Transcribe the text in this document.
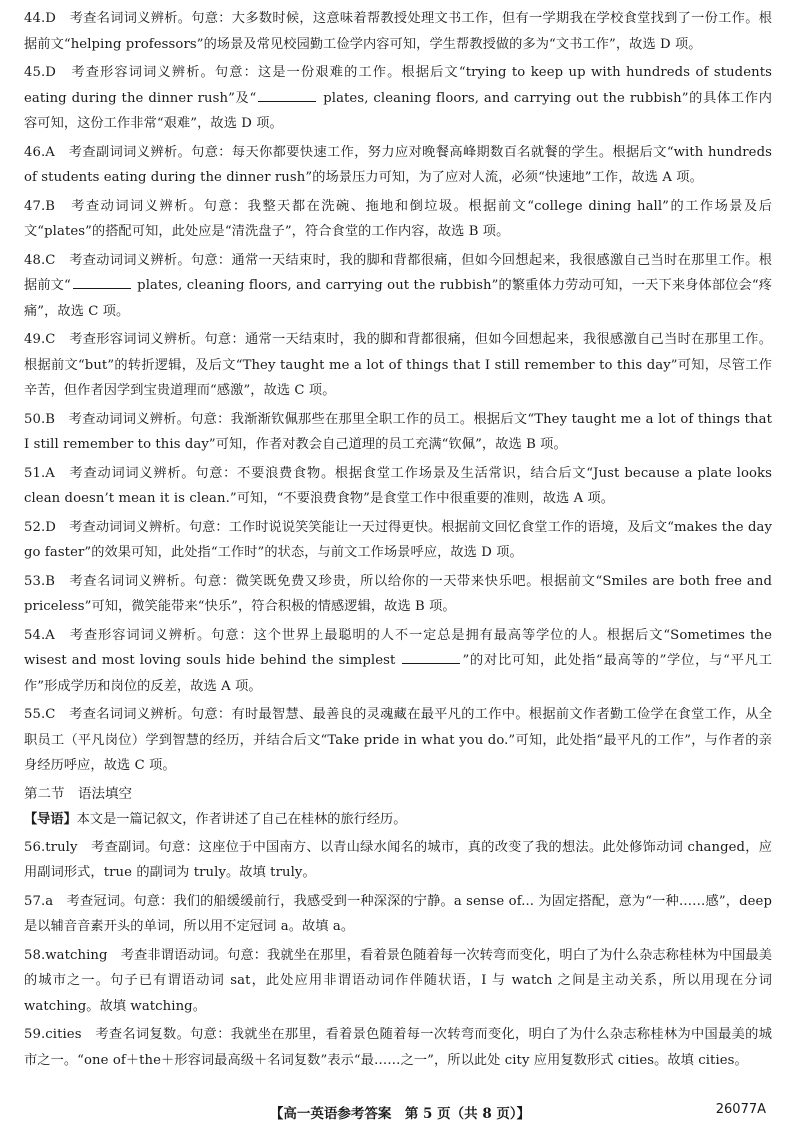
44.D　考查名词词义辨析。句意：大多数时候，这意味着帮教授处理文书工作，但有一学期我在学校食堂找到了一份工作。根据前文“helping professors”的场景及常见校园勤工俭学内容可知，学生帮教授做的多为“文书工作”，故选 D 项。

45.D　考查形容词词义辨析。句意：这是一份艰难的工作。根据后文“trying to keep up with hundreds of students eating during the dinner rush”及“	plates, cleaning floors, and carrying out the rubbish”的具体工作内容可知，这份工作非常“艰难”，故选 D 项。

46.A　考查副词词义辨析。句意：每天你都要快速工作，努力应对晚餐高峰期数百名就餐的学生。根据后文“with hundreds of students eating during the dinner rush”的场景压力可知，为了应对人流，必须“快速地”工作，故选 A 项。

47.B　考查动词词义辨析。句意：我整天都在洗碗、拖地和倒垃圾。根据前文“college dining hall”的工作场景及后文“plates”的搭配可知，此处应是“清洗盘子”，符合食堂的工作内容，故选 B 项。

48.C　考查动词词义辨析。句意：通常一天结束时，我的脚和背都很痛，但如今回想起来，我很感激自己当时在那里工作。根据前文“	plates, cleaning floors, and carrying out the rubbish”的繁重体力劳动可知，一天下来身体部位会“疼痛”，故选 C 项。

49.C　考查形容词词义辨析。句意：通常一天结束时，我的脚和背都很痛，但如今回想起来，我很感激自己当时在那里工作。根据前文“but”的转折逻辑，及后文“They taught me a lot of things that I still remember to this day”可知，尽管工作辛苦，但作者因学到宝贵道理而“感激”，故选 C 项。

50.B　考查动词词义辨析。句意：我渐渐钦佩那些在那里全职工作的员工。根据后文“They taught me a lot of things that I still remember to this day”可知，作者对教会自己道理的员工充满“钦佩”，故选 B 项。

51.A　考查动词词义辨析。句意：不要浪费食物。根据食堂工作场景及生活常识，结合后文“Just because a plate looks clean doesn’t mean it is clean.”可知，“不要浪费食物”是食堂工作中很重要的准则，故选 A 项。

52.D　考查动词词义辨析。句意：工作时说说笑笑能让一天过得更快。根据前文回忆食堂工作的语境，及后文“makes the day go faster”的效果可知，此处指“工作时”的状态，与前文工作场景呼应，故选 D 项。

53.B　考查名词词义辨析。句意：微笑既免费又珍贵，所以给你的一天带来快乐吧。根据前文“Smiles are both free and priceless”可知，微笑能带来“快乐”，符合积极的情感逻辑，故选 B 项。

54.A　考查形容词词义辨析。句意：这个世界上最聪明的人不一定总是拥有最高等学位的人。根据后文“Sometimes the wisest and most loving souls hide behind the simplest	”的对比可知，此处指“最高等的”学位，与“平凡工作”形成学历和岗位的反差，故选 A 项。

55.C　考查名词词义辨析。句意：有时最智慧、最善良的灵魂藏在最平凡的工作中。根据前文作者勤工俭学在食堂工作，从全职员工（平凡岗位）学到智慧的经历，并结合后文“Take pride in what you do.”可知，此处指“最平凡的工作”，与作者的亲身经历呼应，故选 C 项。

第二节　语法填空

【导语】本文是一篇记叙文，作者讲述了自己在桂林的旅行经历。

56.truly　考查副词。句意：这座位于中国南方、以青山绿水闻名的城市，真的改变了我的想法。此处修饰动词 changed，应用副词形式，true 的副词为 truly。故填 truly。

57.a　考查冠词。句意：我们的船缓缓前行，我感受到一种深深的宁静。a sense of... 为固定搭配，意为“一种……感”，deep 是以辅音音素开头的单词，所以用不定冠词 a。故填 a。

58.watching　考查非谓语动词。句意：我就坐在那里，看着景色随着每一次转弯而变化，明白了为什么杂志称桂林为中国最美的城市之一。句子已有谓语动词 sat，此处应用非谓语动词作伴随状语，I 与 watch 之间是主动关系，所以用现在分词 watching。故填 watching。

59.cities　考查名词复数。句意：我就坐在那里，看着景色随着每一次转弯而变化，明白了为什么杂志称桂林为中国最美的城市之一。“one of＋the＋形容词最高级＋名词复数”表示“最……之一”，所以此处 city 应用复数形式 cities。故填 cities。

【高一英语参考答案　第 5 页（共 8 页）】	26077A
